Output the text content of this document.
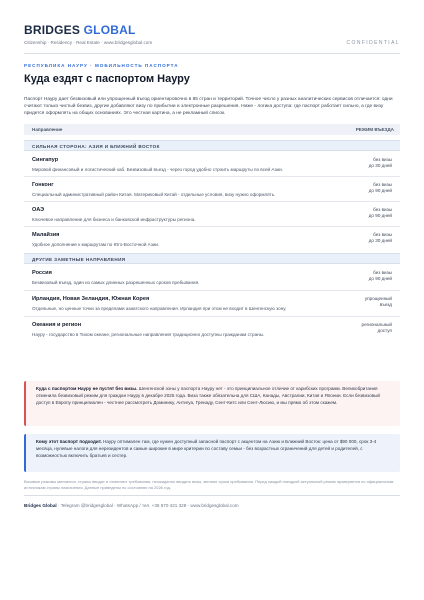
BRIDGES GLOBAL
Citizenship · Residency · Real Estate · www.bridgesglobal.com	CONFIDENTIAL
РЕСПУБЛИКА НАУРУ · МОБИЛЬНОСТЬ ПАСПОРТА
Куда ездят с паспортом Науру
Паспорт Науру дает безвизовый или упрощенный въезд ориентировочно в 85 стран и территорий. Точное число у разных аналитических сервисов отличается: одни считают только чистый безвиз, другие добавляют визу по прибытии и электронные разрешения. Ниже - логика доступа: где паспорт работает сильно, а где визу придется оформлять на общих основаниях. Это честная картина, а не рекламный список.
Направление	РЕЖИМ ВЪЕЗДА
СИЛЬНАЯ СТОРОНА: АЗИЯ И БЛИЖНИЙ ВОСТОК
Сингапур
Мировой финансовый и логистический хаб. Безвизовый въезд - через город удобно строить маршруты по всей Азии.
без визы
до 30 дней
Гонконг
Специальный административный район Китая. Материковый Китай - отдельные условия, визу нужно оформлять.
без визы
до 90 дней
ОАЭ
Ключевое направление для бизнеса и банковской инфраструктуры региона.
без визы
до 90 дней
Малайзия
Удобное дополнение к маршрутам по Юго-Восточной Азии.
без визы
до 30 дней
ДРУГИЕ ЗАМЕТНЫЕ НАПРАВЛЕНИЯ
Россия
Безвизовый въезд, один из самых длинных разрешенных сроков пребывания.
без визы
до 90 дней
Ирландия, Новая Зеландия, Южная Корея
Отдельные, но ценные точки за пределами азиатского направления. Ирландия при этом не входит в Шенгенскую зону.
упрощенный
въезд
Океания и регион
Науру - государство в Тихом океане, региональные направления традиционно доступны гражданам страны.
региональный
доступ
Куда с паспортом Науру не пустят без визы. Шенгенской зоны у паспорта Науру нет - это принципиальное отличие от карибских программ. Великобритания отменила безвизовый режим для граждан Науру в декабре 2025 года. Виза также обязательна для США, Канады, Австралии, Китая и Японии. Если безвизовый доступ в Европу принципиален - честнее рассмотреть Доминику, Антигуа, Гренаду, Сент-Китс или Сент-Люсию, и мы прямо об этом скажем.
Кому этот паспорт подходит. Науру оптимален там, где нужен доступный запасной паспорт с акцентом на Азию и Ближний Восток: цена от $90 000, срок 3-4 месяца, нулевые налоги для нерезидентов и самые широкие в мире критерии по составу семьи - без возрастных ограничений для детей и родителей, с возможностью включить братьев и сестер.
Визовые режимы меняются; страны вводят и отменяют требования, неожиданно вводить визы, меняют сроки пребывания. Перед каждой поездкой актуальный режим проверяется по официальным источникам страны назначения. Данные приведены по состоянию на 2026 год.
Bridges Global · Telegram @bridgesglobal · WhatsApp / тел. +36 670 421 328 · www.bridgesglobal.com
